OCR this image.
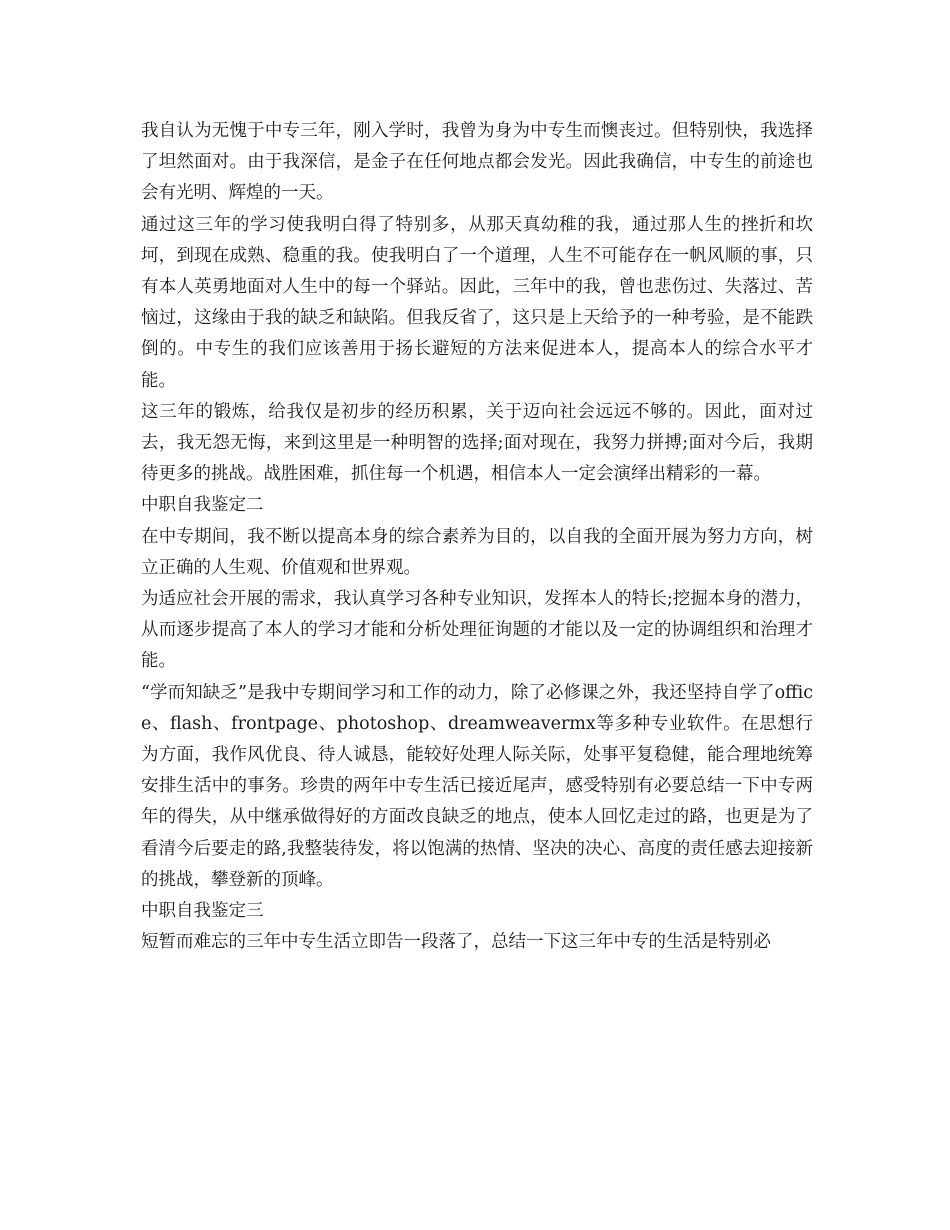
我自认为无愧于中专三年，刚入学时，我曾为身为中专生而懊丧过。但特别快，我选择了坦然面对。由于我深信，是金子在任何地点都会发光。因此我确信，中专生的前途也会有光明、辉煌的一天。

通过这三年的学习使我明白得了特别多，从那天真幼稚的我，通过那人生的挫折和坎坷，到现在成熟、稳重的我。使我明白了一个道理，人生不可能存在一帆风顺的事，只有本人英勇地面对人生中的每一个驿站。因此，三年中的我，曾也悲伤过、失落过、苦恼过，这缘由于我的缺乏和缺陷。但我反省了，这只是上天给予的一种考验，是不能跌倒的。中专生的我们应该善用于扬长避短的方法来促进本人，提高本人的综合水平才能。

这三年的锻炼，给我仅是初步的经历积累，关于迈向社会远远不够的。因此，面对过去，我无怨无悔，来到这里是一种明智的选择;面对现在，我努力拼搏;面对今后，我期待更多的挑战。战胜困难，抓住每一个机遇，相信本人一定会演绎出精彩的一幕。

中职自我鉴定二

在中专期间，我不断以提高本身的综合素养为目的，以自我的全面开展为努力方向，树立正确的人生观、价值观和世界观。

为适应社会开展的需求，我认真学习各种专业知识，发挥本人的特长;挖掘本身的潜力，从而逐步提高了本人的学习才能和分析处理征询题的才能以及一定的协调组织和治理才能。

“学而知缺乏”是我中专期间学习和工作的动力，除了必修课之外，我还坚持自学了office、flash、frontpage、photoshop、dreamweavermx等多种专业软件。在思想行为方面，我作风优良、待人诚恳，能较好处理人际关际，处事平复稳健，能合理地统筹安排生活中的事务。珍贵的两年中专生活已接近尾声，感受特别有必要总结一下中专两年的得失，从中继承做得好的方面改良缺乏的地点，使本人回忆走过的路，也更是为了看清今后要走的路,我整装待发，将以饱满的热情、坚决的决心、高度的责任感去迎接新的挑战，攀登新的顶峰。

中职自我鉴定三

短暂而难忘的三年中专生活立即告一段落了，总结一下这三年中专的生活是特别必
